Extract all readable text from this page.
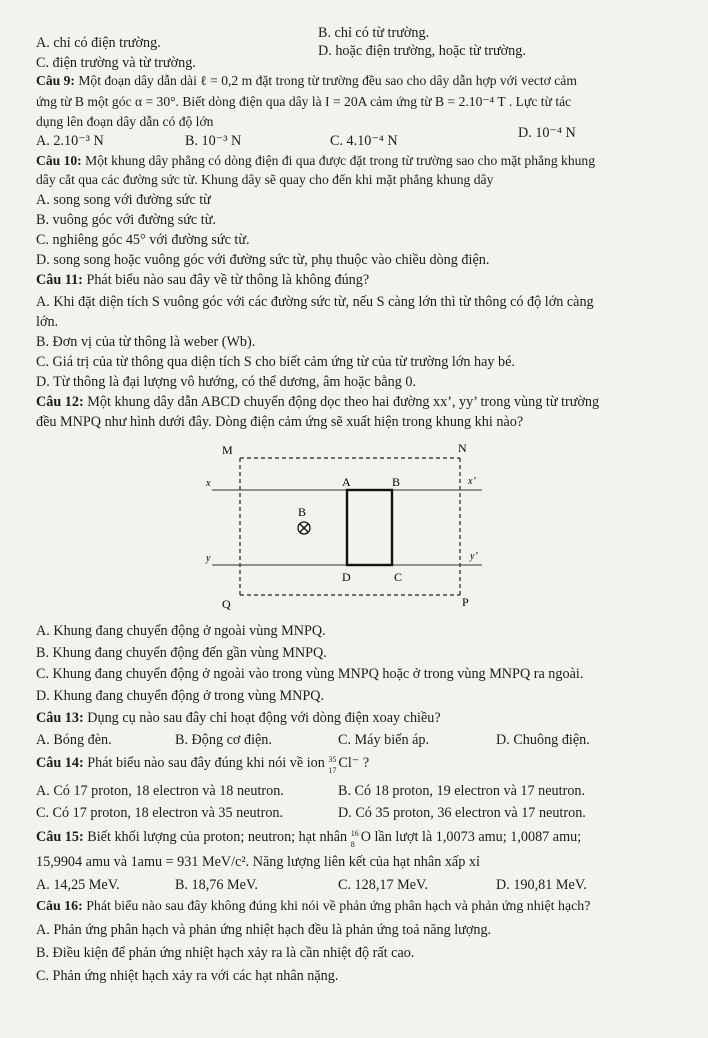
A. chỉ có điện trường.
B. chỉ có từ trường.
C. điện trường và từ trường.
D. hoặc điện trường, hoặc từ trường.
Câu 9: Một đoạn dây dẫn dài ℓ = 0,2 m đặt trong từ trường đều sao cho dây dẫn hợp với vectơ cảm
ứng từ B một góc α = 30°. Biết dòng điện qua dây là I = 20A cảm ứng từ B = 2.10⁻⁴ T . Lực từ tác
dụng lên đoạn dây dẫn có độ lớn
A. 2.10⁻³ N	B. 10⁻³ N	C. 4.10⁻⁴ N	D. 10⁻⁴ N
Câu 10: Một khung dây phẳng có dòng điện đi qua được đặt trong từ trường sao cho mặt phẳng khung
dây cắt qua các đường sức từ. Khung dây sẽ quay cho đến khi mặt phẳng khung dây
A. song song với đường sức từ
B. vuông góc với đường sức từ.
C. nghiêng góc 45° với đường sức từ.
D. song song hoặc vuông góc với đường sức từ, phụ thuộc vào chiều dòng điện.
Câu 11: Phát biểu nào sau đây về từ thông là không đúng?
A. Khi đặt diện tích S vuông góc với các đường sức từ, nếu S càng lớn thì từ thông có độ lớn càng
lớn.
B. Đơn vị của từ thông là weber (Wb).
C. Giá trị của từ thông qua diện tích S cho biết cảm ứng từ của từ trường lớn hay bé.
D. Từ thông là đại lượng vô hướng, có thể dương, âm hoặc bằng 0.
Câu 12: Một khung dây dẫn ABCD chuyển động dọc theo hai đường xx’, yy’ trong vùng từ trường
đều MNPQ như hình dưới đây. Dòng điện cảm ứng sẽ xuất hiện trong khung khi nào?
M	N
Q	P
A	B
C
D
B
x	x’
y	y’
A. Khung đang chuyển động ở ngoài vùng MNPQ.
B. Khung đang chuyển động đến gần vùng MNPQ.
C. Khung đang chuyển động ở ngoài vào trong vùng MNPQ hoặc ở trong vùng MNPQ ra ngoài.
D. Khung đang chuyển động ở trong vùng MNPQ.
Câu 13: Dụng cụ nào sau đây chỉ hoạt động với dòng điện xoay chiều?
A. Bóng đèn.	B. Động cơ điện.	C. Máy biến áp.	D. Chuông điện.
Câu 14: Phát biểu nào sau đây đúng khi nói về ion 35
17 Cl⁻ ?
A. Có 17 proton, 18 electron và 18 neutron.	B. Có 18 proton, 19 electron và 17 neutron.
C. Có 17 proton, 18 electron và 35 neutron.	D. Có 35 proton, 36 electron và 17 neutron.
Câu 15: Biết khối lượng của proton; neutron; hạt nhân 16
8 O lần lượt là 1,0073 amu; 1,0087 amu;
15,9904 amu và 1amu = 931 MeV/c². Năng lượng liên kết của hạt nhân xấp xỉ
A. 14,25 MeV.	B. 18,76 MeV.	C. 128,17 MeV.	D. 190,81 MeV.
Câu 16: Phát biểu nào sau đây không đúng khi nói về phản ứng phân hạch và phản ứng nhiệt hạch?
A. Phản ứng phân hạch và phản ứng nhiệt hạch đều là phản ứng toả năng lượng.
B. Điều kiện để phản ứng nhiệt hạch xảy ra là cần nhiệt độ rất cao.
C. Phản ứng nhiệt hạch xảy ra với các hạt nhân nặng.
